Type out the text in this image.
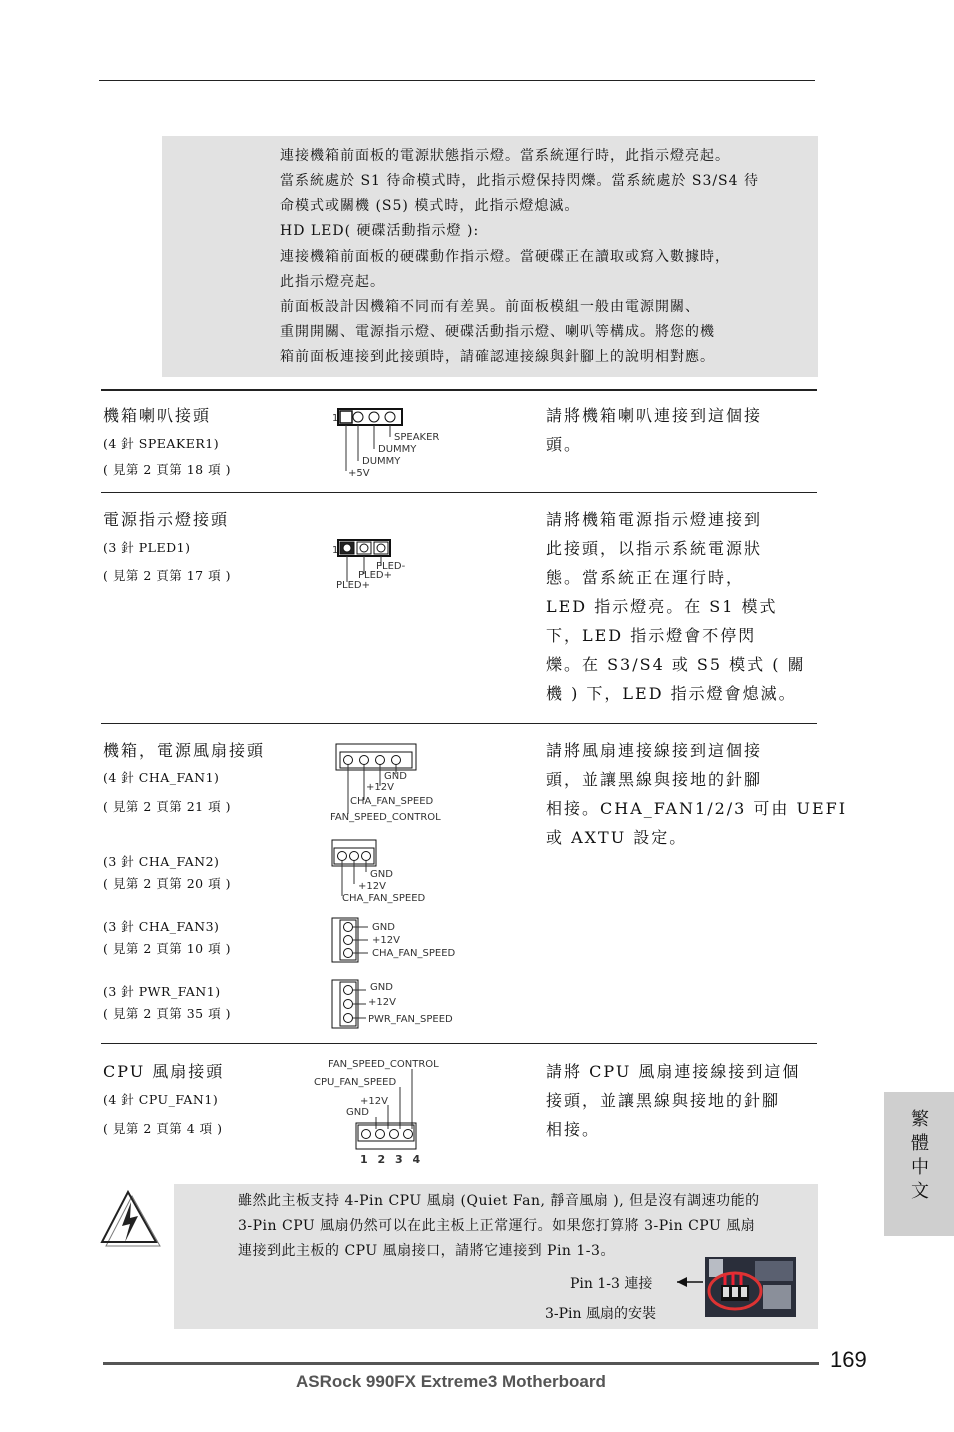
連接機箱前面板的電源狀態指示燈。當系統運行時，此指示燈亮起。
當系統處於 S1 待命模式時，此指示燈保持閃爍。當系統處於 S3/S4 待
命模式或關機 (S5) 模式時，此指示燈熄滅。
HD LED( 硬碟活動指示燈 ):
連接機箱前面板的硬碟動作指示燈。當硬碟正在讀取或寫入數據時，
此指示燈亮起。
前面板設計因機箱不同而有差異。前面板模組一般由電源開關、
重開開關、電源指示燈、硬碟活動指示燈、喇叭等構成。將您的機
箱前面板連接到此接頭時，請確認連接線與針腳上的說明相對應。
機箱喇叭接頭
(4 針 SPEAKER1)
( 見第 2 頁第 18 項 )
1
SPEAKER
DUMMY
DUMMY
+5V
請將機箱喇叭連接到這個接
頭。
電源指示燈接頭
(3 針 PLED1)
( 見第 2 頁第 17 項 )
1
PLED-
PLED+
PLED+
請將機箱電源指示燈連接到
此接頭，以指示系統電源狀
態。當系統正在運行時，
LED 指示燈亮。在 S1 模式
下，LED 指示燈會不停閃
爍。在 S3/S4 或 S5 模式 ( 關
機 ) 下，LED 指示燈會熄滅。
機箱，電源風扇接頭
(4 針 CHA_FAN1)
( 見第 2 頁第 21 項 )
GND
+12V
CHA_FAN_SPEED
FAN_SPEED_CONTROL
(3 針 CHA_FAN2)
( 見第 2 頁第 20 項 )
GND
+12V
CHA_FAN_SPEED
(3 針 CHA_FAN3)
( 見第 2 頁第 10 項 )
GND
+12V
CHA_FAN_SPEED
(3 針 PWR_FAN1)
( 見第 2 頁第 35 項 )
GND
+12V
PWR_FAN_SPEED
請將風扇連接線接到這個接
頭，並讓黑線與接地的針腳
相接。CHA_FAN1/2/3 可由 UEFI
或 AXTU 設定。
CPU 風扇接頭
(4 針 CPU_FAN1)
( 見第 2 頁第 4 項 )
FAN_SPEED_CONTROL
CPU_FAN_SPEED
+12V
GND
1 2 3 4
請將 CPU 風扇連接線接到這個
接頭，並讓黑線與接地的針腳
相接。
雖然此主板支持 4-Pin CPU 風扇 (Quiet Fan, 靜音風扇 ), 但是沒有調速功能的
3-Pin CPU 風扇仍然可以在此主板上正常運行。如果您打算將 3-Pin CPU 風扇
連接到此主板的 CPU 風扇接口，請將它連接到 Pin 1-3。
Pin 1-3 連接
3-Pin 風扇的安裝
繁體中文
169
ASRock 990FX Extreme3 Motherboard
